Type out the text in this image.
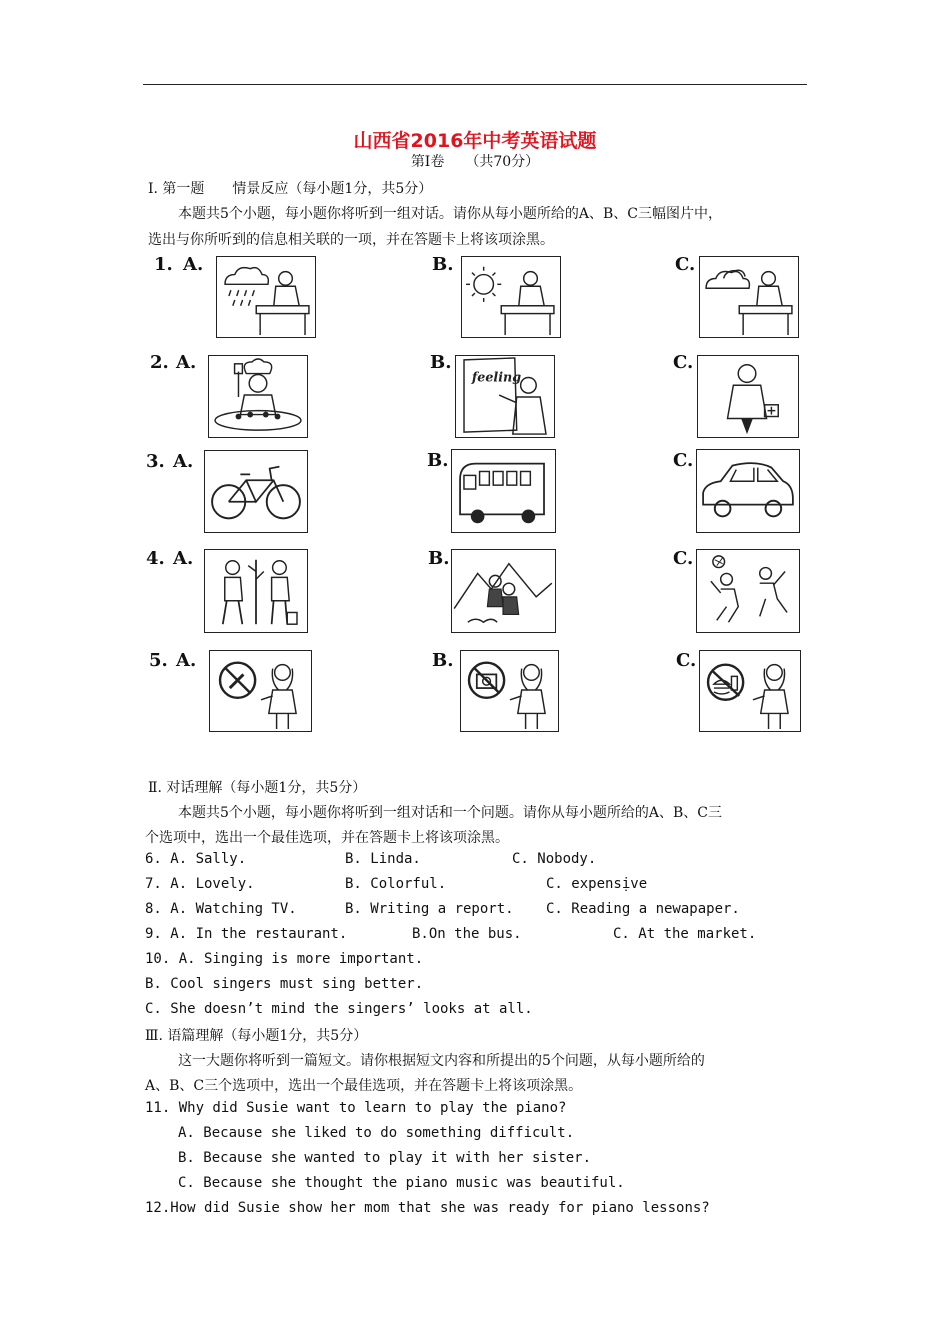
山西省2016年中考英语试题
第Ⅰ卷　　（共70分）
Ⅰ. 第一题　　情景反应（每小题1分，共5分）
本题共5个小题，每小题你将听到一组对话。请你从每小题所给的A、B、C三幅图片中，
选出与你所听到的信息相关联的一项，并在答题卡上将该项涂黑。
1. A.	B.	C.
2. A.	B.	C.
feeling
3. A.	B.	C.
4. A.	B.	C.
5. A.	B.	C.
Ⅱ. 对话理解（每小题1分，共5分）
本题共5个小题，每小题你将听到一组对话和一个问题。请你从每小题所给的A、B、C三
个选项中，选出一个最佳选项，并在答题卡上将该项涂黑。
6. A. Sally.	B. Linda.	C. Nobody.
7. A. Lovely.	B. Colorful.	C. expensịve
8. A. Watching TV.	B. Writing a report. C. Reading a newapaper.
9. A. In the restaurant.	B.On the bus.	C. At the market.
10. A. Singing is more important.
B. Cool singers must sing better.
C. She doesn’t mind the singers’ looks at all.
Ⅲ. 语篇理解（每小题1分，共5分）
这一大题你将听到一篇短文。请你根据短文内容和所提出的5个问题，从每小题所给的
A、B、C三个选项中，选出一个最佳选项，并在答题卡上将该项涂黑。
11. Why did Susie want to learn to play the piano?
A. Because she liked to do something difficult.
B. Because she wanted to play it with her sister.
C. Because she thought the piano music was beautiful.
12.How did Susie show her mom that she was ready for piano lessons?
